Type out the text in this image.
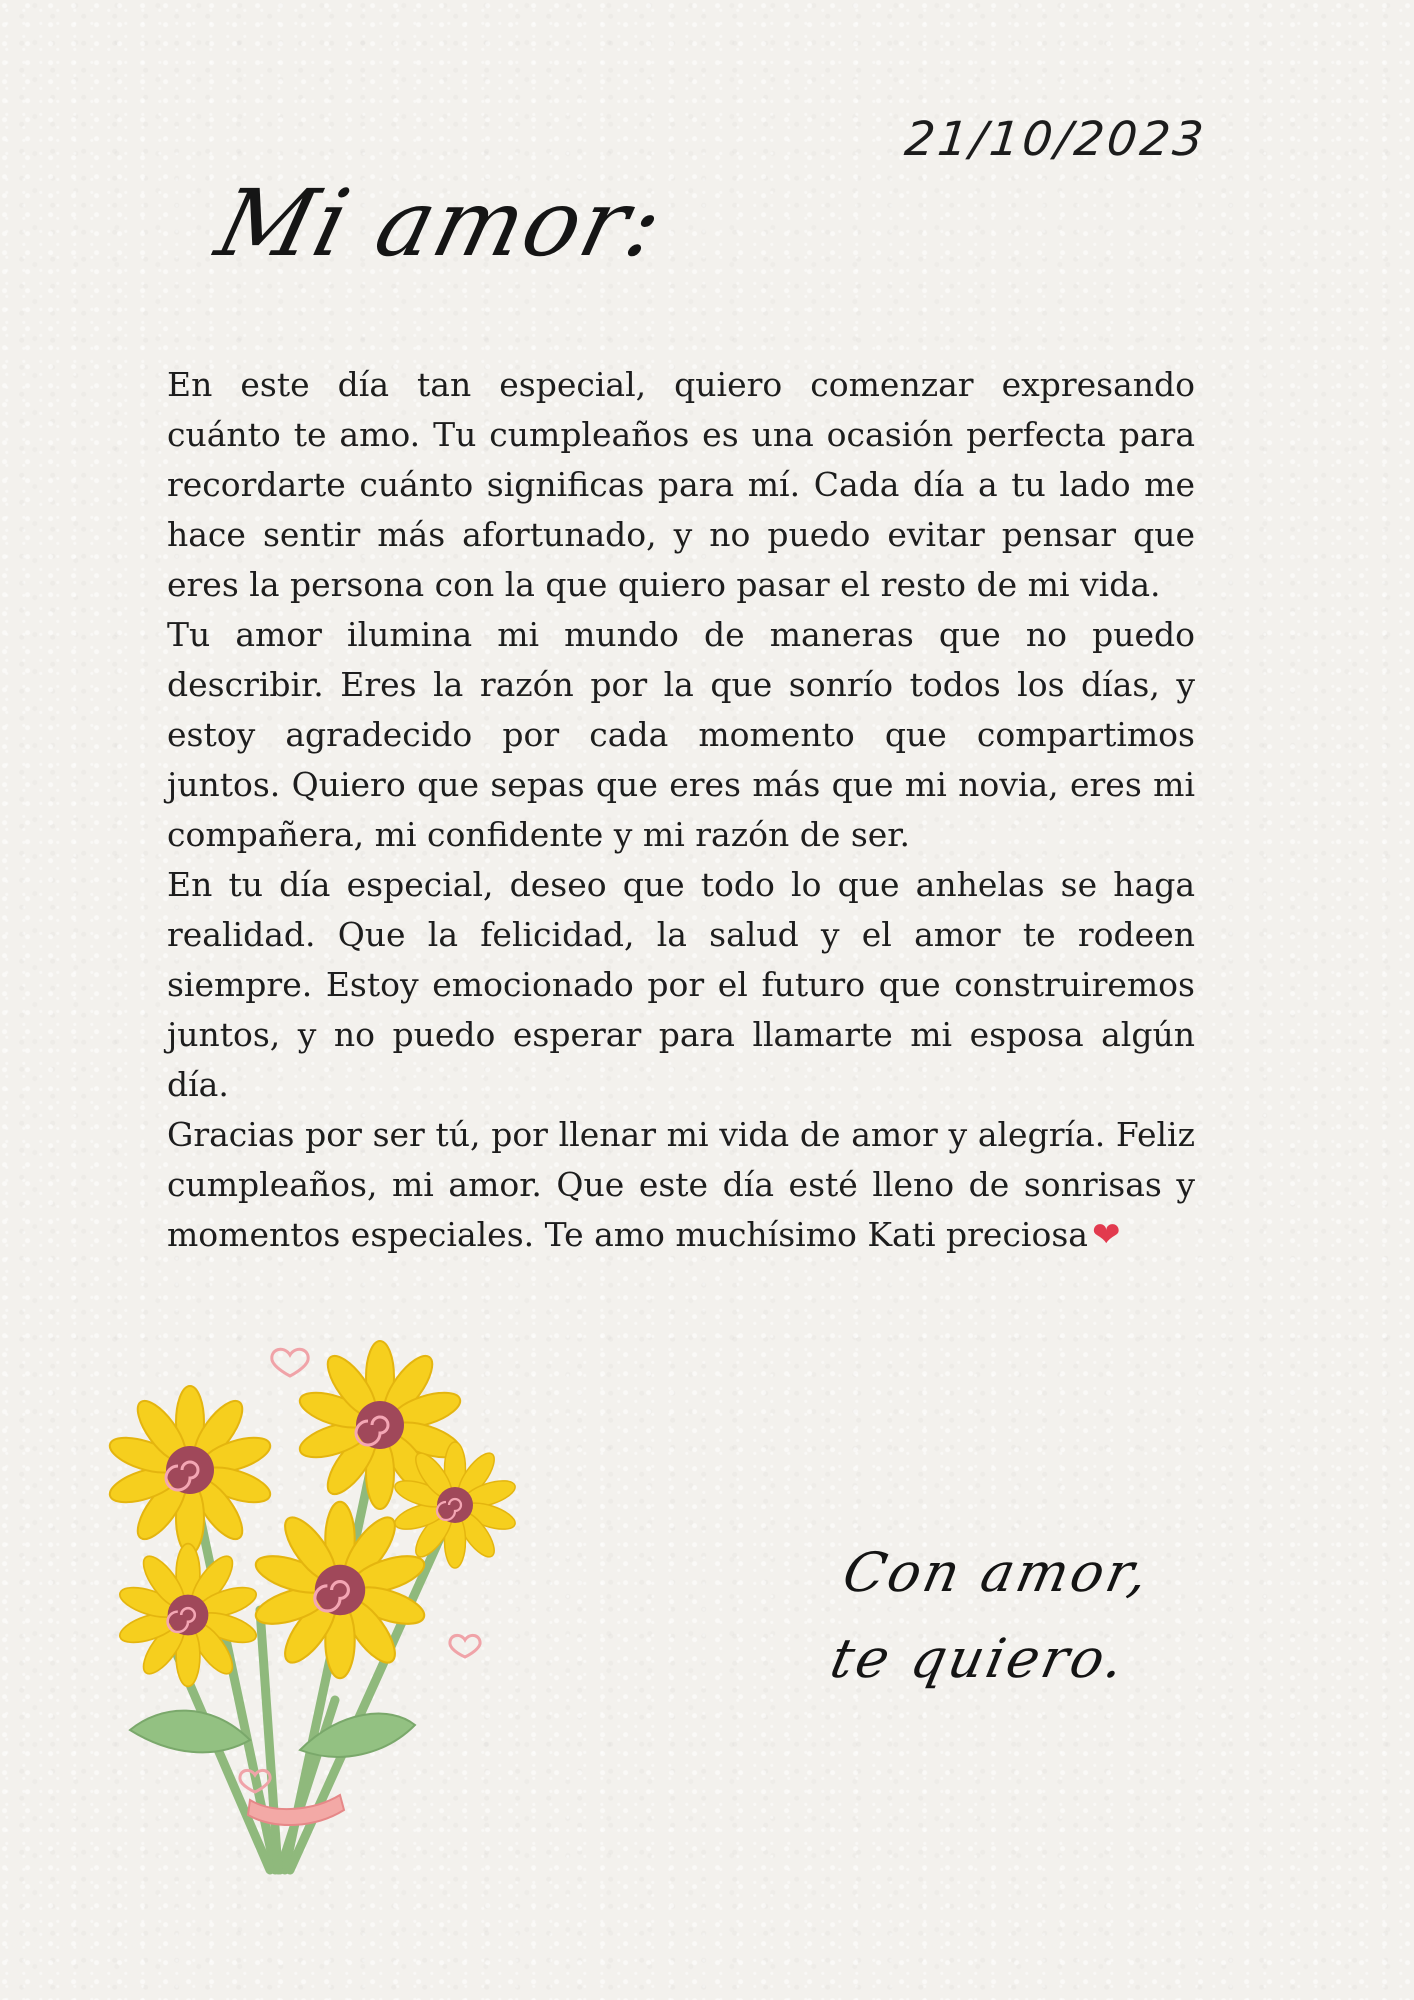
21/10/2023
Mi amor:

En este día tan especial, quiero comenzar expresando cuánto te amo. Tu cumpleaños es una ocasión perfecta para recordarte cuánto significas para mí. Cada día a tu lado me hace sentir más afortunado, y no puedo evitar pensar que eres la persona con la que quiero pasar el resto de mi vida.

Tu amor ilumina mi mundo de maneras que no puedo describir. Eres la razón por la que sonrío todos los días, y estoy agradecido por cada momento que compartimos juntos. Quiero que sepas que eres más que mi novia, eres mi compañera, mi confidente y mi razón de ser.

En tu día especial, deseo que todo lo que anhelas se haga realidad. Que la felicidad, la salud y el amor te rodeen siempre. Estoy emocionado por el futuro que construiremos juntos, y no puedo esperar para llamarte mi esposa algún día.

Gracias por ser tú, por llenar mi vida de amor y alegría. Feliz cumpleaños, mi amor. Que este día esté lleno de sonrisas y momentos especiales. Te amo muchísimo Kati preciosa ❤

Con amor,
te quiero.
